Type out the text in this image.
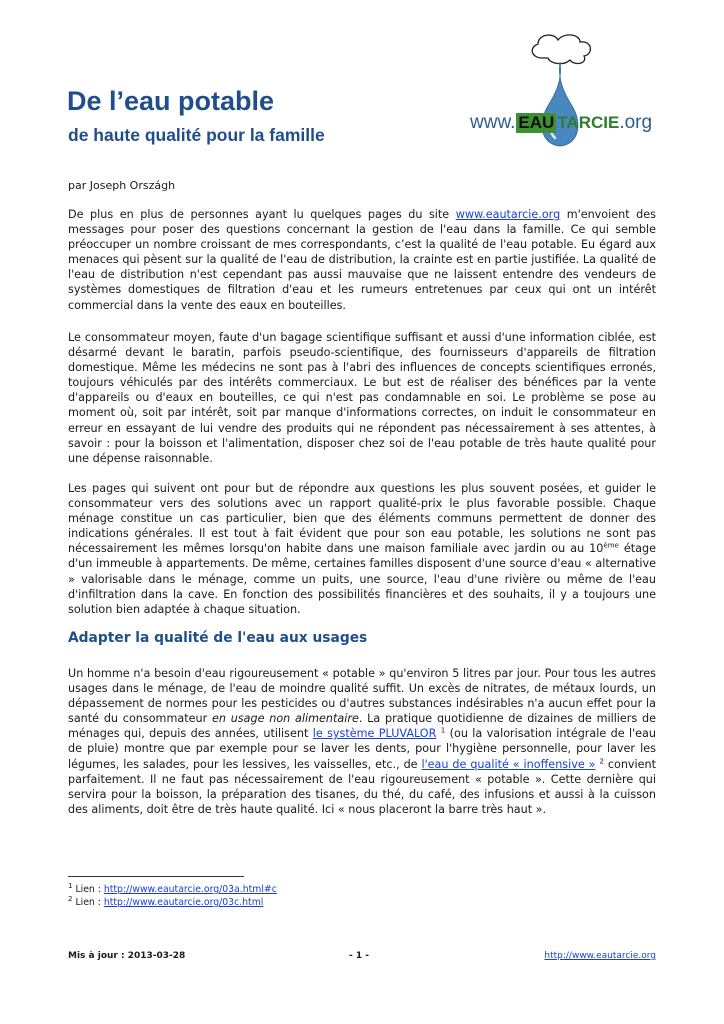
De l’eau potable
de haute qualité pour la famille
www. EAU TARCIE.org

par Joseph Országh

De plus en plus de personnes ayant lu quelques pages du site www.eautarcie.org m'envoient des messages pour poser des questions concernant la gestion de l'eau dans la famille. Ce qui semble préoccuper un nombre croissant de mes correspondants, c’est la qualité de l'eau potable. Eu égard aux menaces qui pèsent sur la qualité de l'eau de distribution, la crainte est en partie justifiée. La qualité de l'eau de distribution n'est cependant pas aussi mauvaise que ne laissent entendre des vendeurs de systèmes domestiques de filtration d'eau et les rumeurs entretenues par ceux qui ont un intérêt commercial dans la vente des eaux en bouteilles.

Le consommateur moyen, faute d'un bagage scientifique suffisant et aussi d'une information ciblée, est désarmé devant le baratin, parfois pseudo-scientifique, des fournisseurs d'appareils de filtration domestique. Même les médecins ne sont pas à l'abri des influences de concepts scientifiques erronés, toujours véhiculés par des intérêts commerciaux. Le but est de réaliser des bénéfices par la vente d'appareils ou d'eaux en bouteilles, ce qui n'est pas condamnable en soi. Le problème se pose au moment où, soit par intérêt, soit par manque d'informations correctes, on induit le consommateur en erreur en essayant de lui vendre des produits qui ne répondent pas nécessairement à ses attentes, à savoir : pour la boisson et l'alimentation, disposer chez soi de l'eau potable de très haute qualité pour une dépense raisonnable.

Les pages qui suivent ont pour but de répondre aux questions les plus souvent posées, et guider le consommateur vers des solutions avec un rapport qualité-prix le plus favorable possible. Chaque ménage constitue un cas particulier, bien que des éléments communs permettent de donner des indications générales. Il est tout à fait évident que pour son eau potable, les solutions ne sont pas nécessairement les mêmes lorsqu'on habite dans une maison familiale avec jardin ou au 10ème étage d'un immeuble à appartements. De même, certaines familles disposent d'une source d'eau « alternative » valorisable dans le ménage, comme un puits, une source, l'eau d'une rivière ou même de l'eau d'infiltration dans la cave. En fonction des possibilités financières et des souhaits, il y a toujours une solution bien adaptée à chaque situation.

Adapter la qualité de l'eau aux usages

Un homme n'a besoin d'eau rigoureusement « potable » qu'environ 5 litres par jour. Pour tous les autres usages dans le ménage, de l'eau de moindre qualité suffit. Un excès de nitrates, de métaux lourds, un dépassement de normes pour les pesticides ou d'autres substances indésirables n'a aucun effet pour la santé du consommateur en usage non alimentaire. La pratique quotidienne de dizaines de milliers de ménages qui, depuis des années, utilisent le système PLUVALOR $^1$ (ou la valorisation intégrale de l'eau de pluie) montre que par exemple pour se laver les dents, pour l'hygiène personnelle, pour laver les légumes, les salades, pour les lessives, les vaisselles, etc., de l'eau de qualité « inoffensive » $^2$ convient parfaitement. Il ne faut pas nécessairement de l'eau rigoureusement « potable ». Cette dernière qui servira pour la boisson, la préparation des tisanes, du thé, du café, des infusions et aussi à la cuisson des aliments, doit être de très haute qualité. Ici « nous placeront la barre très haut ».

$^1$ Lien : http://www.eautarcie.org/03a.html#c

$^2$ Lien : http://www.eautarcie.org/03c.html

Mis à jour : 2013-03-28	- 1 -	http://www.eautarcie.org
